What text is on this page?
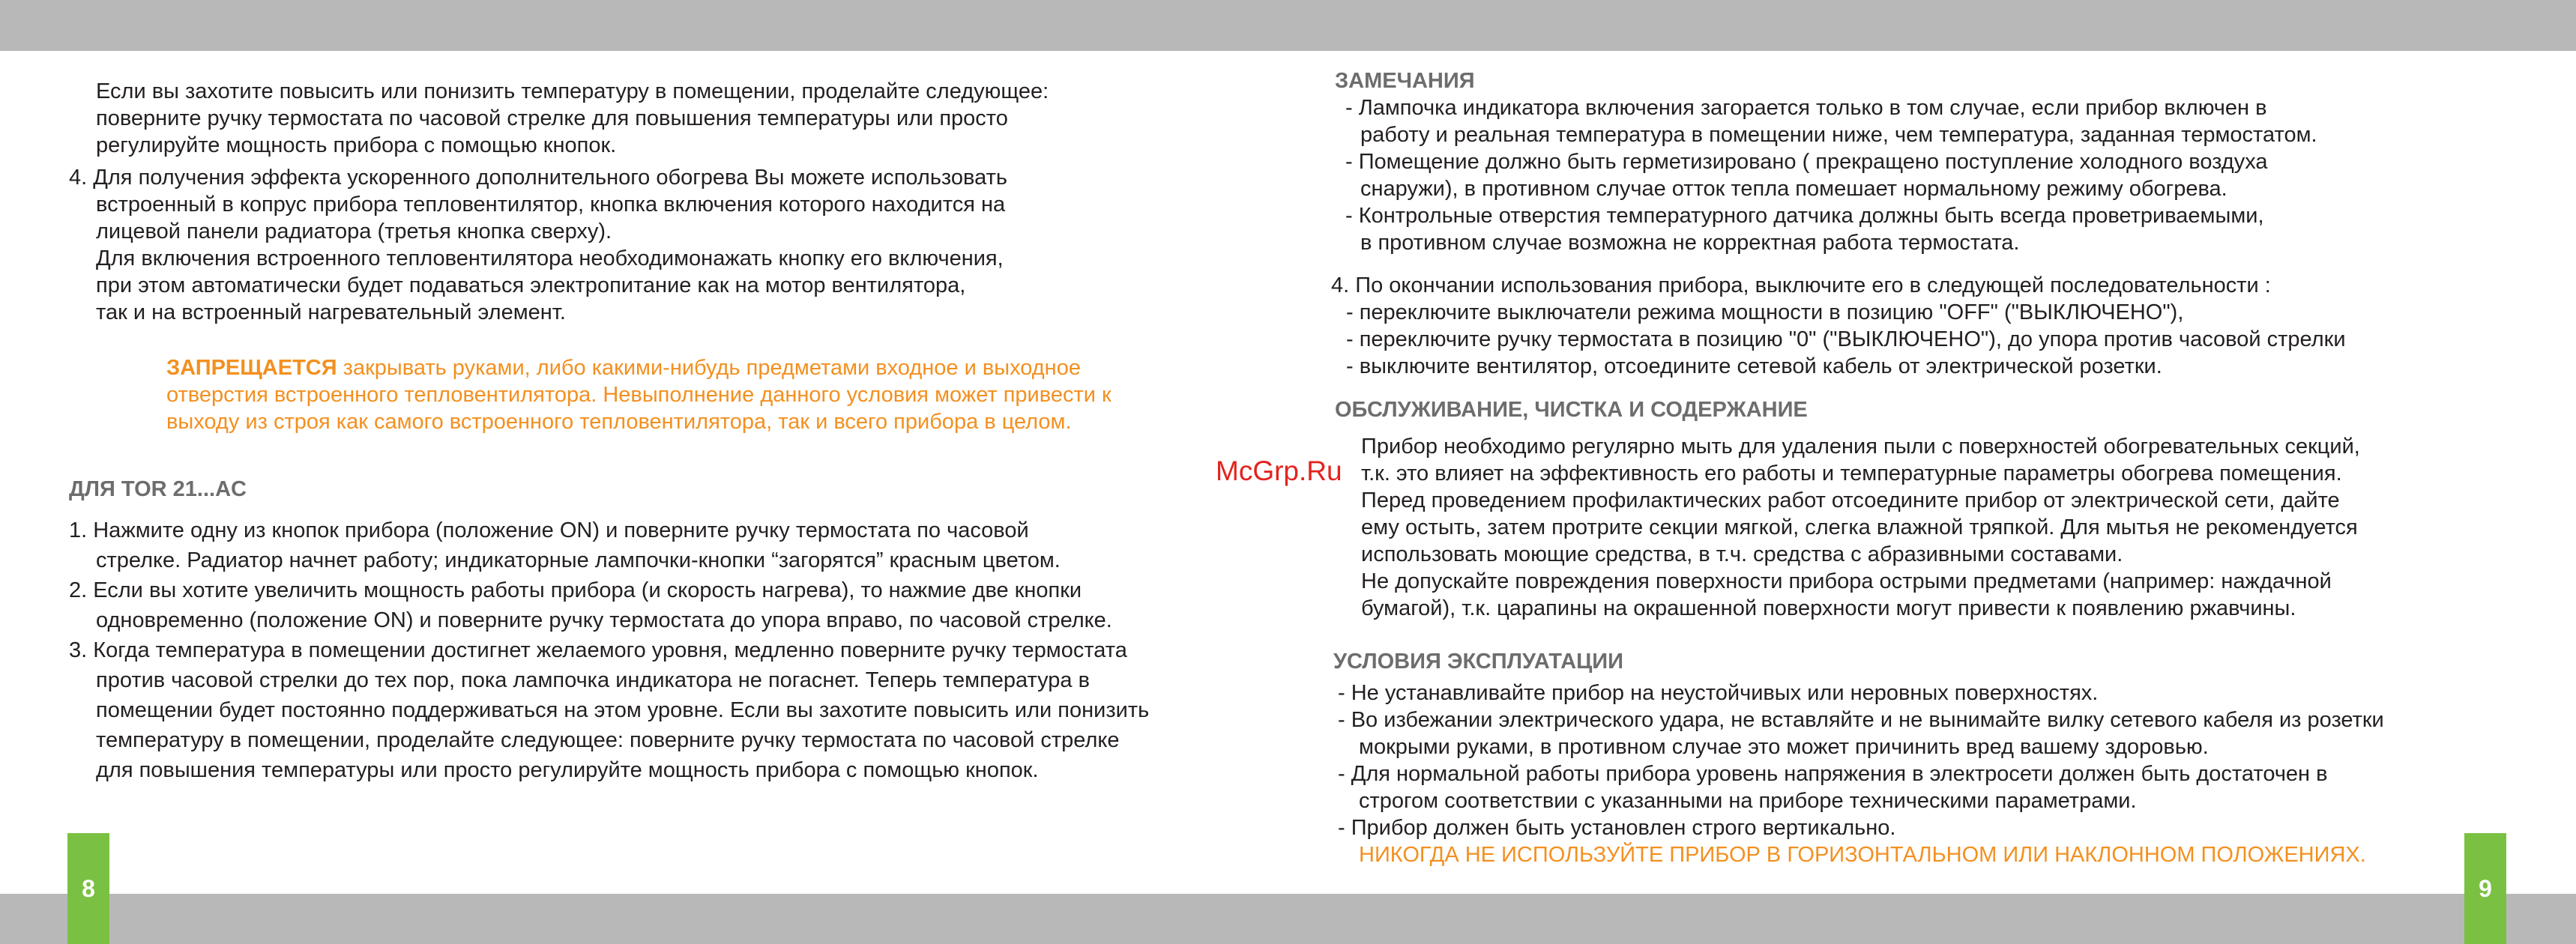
Если вы захотите повысить или понизить температуру в помещении, проделайте следующее:

поверните ручку термостата по часовой стрелке для повышения температуры или просто

регулируйте мощность прибора с помощью кнопок.

4. Для получения эффекта ускоренного дополнительного обогрева Вы можете использовать

встроенный в копрус прибора тепловентилятор, кнопка включения которого находится на

лицевой панели радиатора (третья кнопка сверху).

Для включения встроенного тепловентилятора необходимонажать кнопку его включения,

при этом автоматически будет подаваться электропитание как на мотор вентилятора,

так и на встроенный нагревательный элемент.

ЗАПРЕЩАЕТСЯ закрывать руками, либо какими-нибудь предметами входное и выходное

отверстия встроенного тепловентилятора. Невыполнение данного условия может привести к

выходу из строя как самого встроенного тепловентилятора, так и всего прибора в целом.

ДЛЯ TOR 21...AC

1. Нажмите одну из кнопок прибора (положение ON) и поверните ручку термостата по часовой

стрелке. Радиатор начнет работу; индикаторные лампочки-кнопки “загорятся” красным цветом.

2. Если вы хотите увеличить мощность работы прибора (и скорость нагрева), то нажмие две кнопки

одновременно (положение ON) и поверните ручку термостата до упора вправо, по часовой стрелке.

3. Когда температура в помещении достигнет желаемого уровня, медленно поверните ручку термостата

против часовой стрелки до тех пор, пока лампочка индикатора не погаснет. Теперь температура в

помещении будет постоянно поддерживаться на этом уровне. Если вы захотите повысить или понизить

температуру в помещении, проделайте следующее: поверните ручку термостата по часовой стрелке

для повышения температуры или просто регулируйте мощность прибора с помощью кнопок.

8
McGrp.Ru
ЗАМЕЧАНИЯ

- Лампочка индикатора включения загорается только в том случае, если прибор включен в

работу и реальная температура в помещении ниже, чем температура, заданная термостатом.

- Помещение должно быть герметизировано ( прекращено поступление холодного воздуха

снаружи), в противном случае отток тепла помешает нормальному режиму обогрева.

- Контрольные отверстия температурного датчика должны быть всегда проветриваемыми,

в противном случае возможна не корректная работа термостата.

4. По окончании использования прибора, выключите его в следующей последовательности :

- переключите выключатели режима мощности в позицию "OFF" ("ВЫКЛЮЧЕНО"),

- переключите ручку термостата в позицию "0" ("ВЫКЛЮЧЕНО"), до упора против часовой стрелки

- выключите вентилятор, отсоедините сетевой кабель от электрической розетки.

ОБСЛУЖИВАНИЕ, ЧИСТКА И СОДЕРЖАНИЕ

Прибор необходимо регулярно мыть для удаления пыли с поверхностей обогревательных секций,

т.к. это влияет на эффективность его работы и температурные параметры обогрева помещения.

Перед проведением профилактических работ отсоедините прибор от электрической сети, дайте

ему остыть, затем протрите секции мягкой, слегка влажной тряпкой. Для мытья не рекомендуется

использовать моющие средства, в т.ч. средства с абразивными составами.

Не допускайте повреждения поверхности прибора острыми предметами (например: наждачной

бумагой), т.к. царапины на окрашенной поверхности могут привести к появлению ржавчины.

УСЛОВИЯ ЭКСПЛУАТАЦИИ

- Не устанавливайте прибор на неустойчивых или неровных поверхностях.

- Во избежании электрического удара, не вставляйте и не вынимайте вилку сетевого кабеля из розетки

мокрыми руками, в противном случае это может причинить вред вашему здоровью.

- Для нормальной работы прибора уровень напряжения в электросети должен быть достаточен в

строгом соответствии с указанными на приборе техническими параметрами.

- Прибор должен быть установлен строго вертикально.

НИКОГДА НЕ ИСПОЛЬЗУЙТЕ ПРИБОР В ГОРИЗОНТАЛЬНОМ ИЛИ НАКЛОННОМ ПОЛОЖЕНИЯХ.
9
